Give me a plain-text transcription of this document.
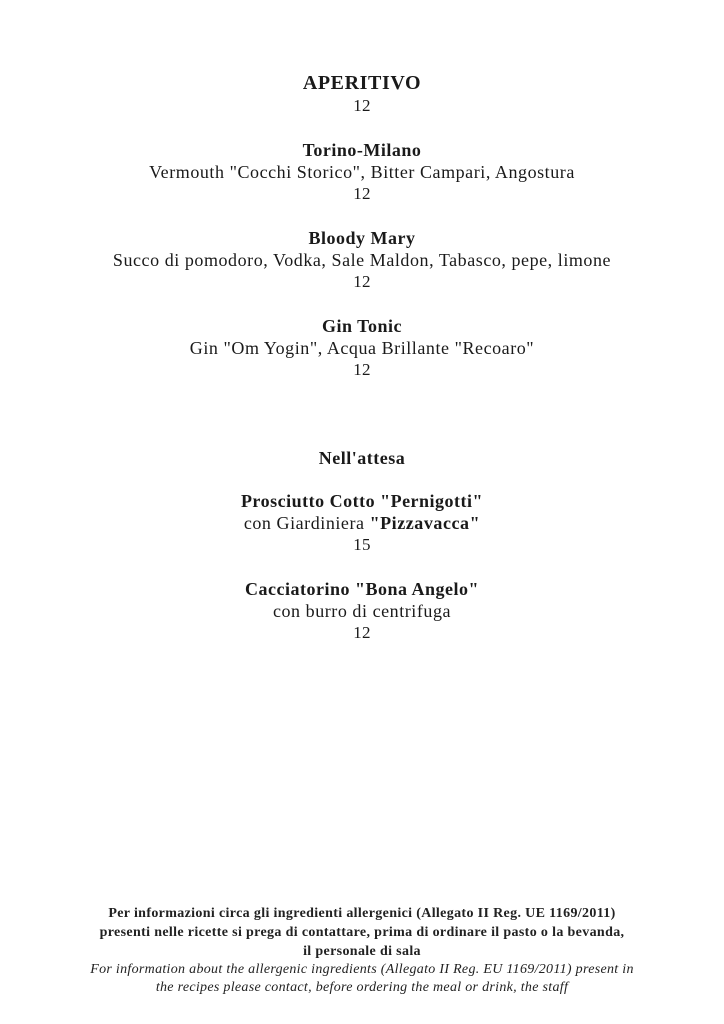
APERITIVO
12
Torino-Milano
Vermouth "Cocchi Storico", Bitter Campari, Angostura
12
Bloody Mary
Succo di pomodoro, Vodka, Sale Maldon, Tabasco, pepe, limone
12
Gin Tonic
Gin "Om Yogin", Acqua Brillante "Recoaro"
12
Nell'attesa
Prosciutto Cotto "Pernigotti"
con Giardiniera "Pizzavacca"
15
Cacciatorino "Bona Angelo"
con burro di centrifuga
12
Per informazioni circa gli ingredienti allergenici (Allegato II Reg. UE 1169/2011)
presenti nelle ricette si prega di contattare, prima di ordinare il pasto o la bevanda,
il personale di sala
For information about the allergenic ingredients (Allegato II Reg. EU 1169/2011) present in
the recipes please contact, before ordering the meal or drink, the staff
